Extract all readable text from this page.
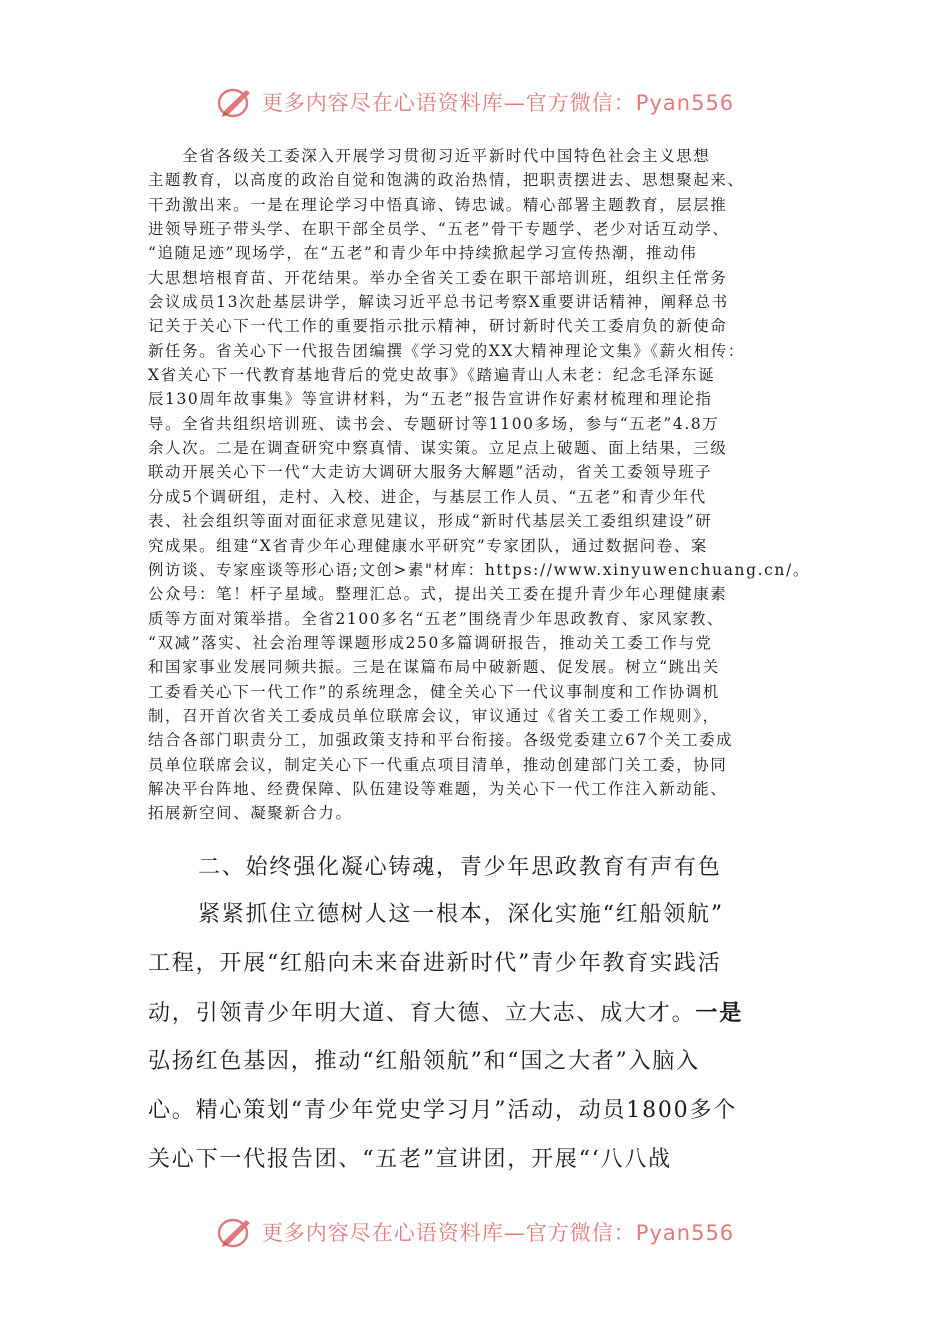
更多内容尽在心语资料库—官方微信：Pyan556
　　全省各级关工委深入开展学习贯彻习近平新时代中国特色社会主义思想
主题教育，以高度的政治自觉和饱满的政治热情，把职责摆进去、思想聚起来、
干劲激出来。一是在理论学习中悟真谛、铸忠诚。精心部署主题教育，层层推
进领导班子带头学、在职干部全员学、“五老”骨干专题学、老少对话互动学、
“追随足迹”现场学，在“五老”和青少年中持续掀起学习宣传热潮，推动伟
大思想培根育苗、开花结果。举办全省关工委在职干部培训班，组织主任常务
会议成员13次赴基层讲学，解读习近平总书记考察X重要讲话精神，阐释总书
记关于关心下一代工作的重要指示批示精神，研讨新时代关工委肩负的新使命
新任务。省关心下一代报告团编撰《学习党的XX大精神理论文集》《薪火相传：
X省关心下一代教育基地背后的党史故事》《踏遍青山人未老：纪念毛泽东诞
辰130周年故事集》等宣讲材料，为“五老”报告宣讲作好素材梳理和理论指
导。全省共组织培训班、读书会、专题研讨等1100多场，参与“五老”4.8万
余人次。二是在调查研究中察真情、谋实策。立足点上破题、面上结果，三级
联动开展关心下一代“大走访大调研大服务大解题”活动，省关工委领导班子
分成5个调研组，走村、入校、进企，与基层工作人员、“五老”和青少年代
表、社会组织等面对面征求意见建议，形成“新时代基层关工委组织建设”研
究成果。组建“X省青少年心理健康水平研究”专家团队，通过数据问卷、案
例访谈、专家座谈等形心语;文创>素"材库：https://www.xinyuwenchuang.cn/。
公众号：笔！杆子星域。整理汇总。式，提出关工委在提升青少年心理健康素
质等方面对策举措。全省2100多名“五老”围绕青少年思政教育、家风家教、
“双减”落实、社会治理等课题形成250多篇调研报告，推动关工委工作与党
和国家事业发展同频共振。三是在谋篇布局中破新题、促发展。树立“跳出关
工委看关心下一代工作”的系统理念，健全关心下一代议事制度和工作协调机
制，召开首次省关工委成员单位联席会议，审议通过《省关工委工作规则》，
结合各部门职责分工，加强政策支持和平台衔接。各级党委建立67个关工委成
员单位联席会议，制定关心下一代重点项目清单，推动创建部门关工委，协同
解决平台阵地、经费保障、队伍建设等难题，为关心下一代工作注入新动能、
拓展新空间、凝聚新合力。
二、始终强化凝心铸魂，青少年思政教育有声有色
紧紧抓住立德树人这一根本，深化实施“红船领航”
工程，开展“红船向未来奋进新时代”青少年教育实践活
动，引领青少年明大道、育大德、立大志、成大才。一是
弘扬红色基因，推动“红船领航”和“国之大者”入脑入
心。精心策划“青少年党史学习月”活动，动员1800多个
关心下一代报告团、“五老”宣讲团，开展“‘八八战
更多内容尽在心语资料库—官方微信：Pyan556
